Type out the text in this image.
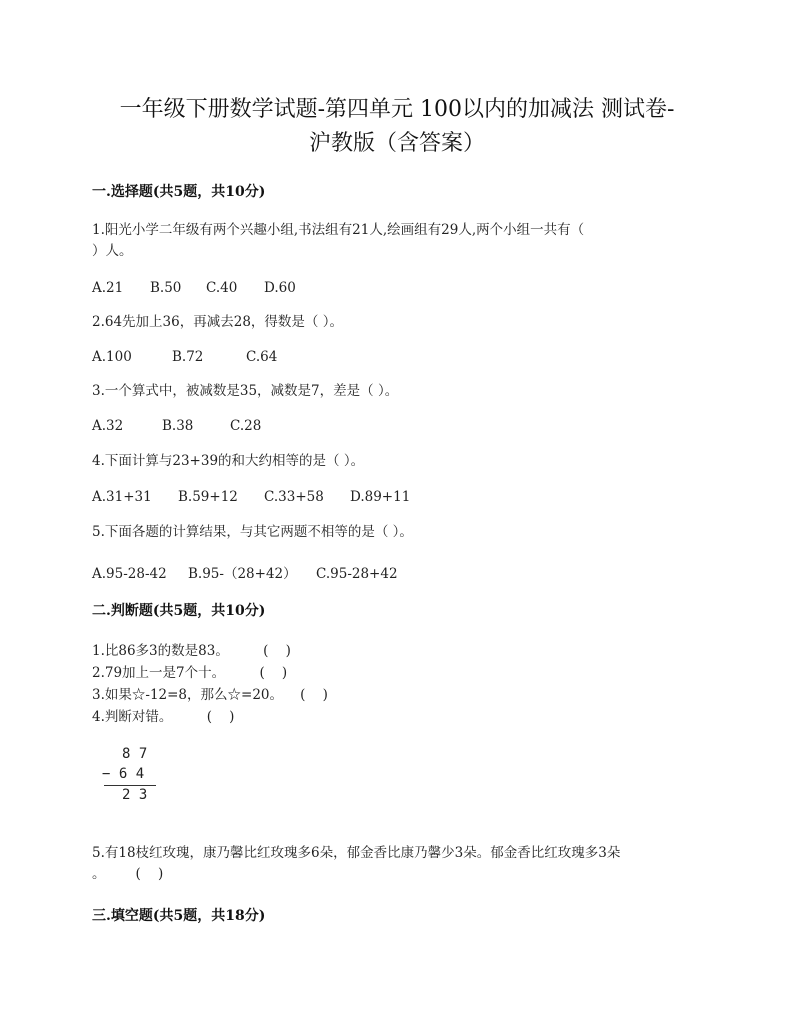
一年级下册数学试题-第四单元 100以内的加减法 测试卷-
沪教版（含答案）
一.选择题(共5题，共10分)
1.阳光小学二年级有两个兴趣小组,书法组有21人,绘画组有29人,两个小组一共有（
）人。
A.21 B.50 C.40 D.60
2.64先加上36，再减去28，得数是（ ）。
A.100	B.72	C.64
3.一个算式中，被减数是35，减数是7，差是（ ）。
A.32	B.38	C.28
4.下面计算与23+39的和大约相等的是（ ）。
A.31+31 B.59+12 C.33+58 D.89+11
5.下面各题的计算结果，与其它两题不相等的是（ ）。
A.95-28-42 B.95-（28+42） C.95-28+42
二.判断题(共5题，共10分)
1.比86多3的数是83。        (    )
2.79加上一是7个十。        (    )
3.如果☆-12=8，那么☆=20。    (    )
4.判断对错。        (    )
8 7
− 6 4
2 3
5.有18枝红玫瑰，康乃馨比红玫瑰多6朵，郁金香比康乃馨少3朵。郁金香比红玫瑰多3朵
。       (    )
三.填空题(共5题，共18分)
